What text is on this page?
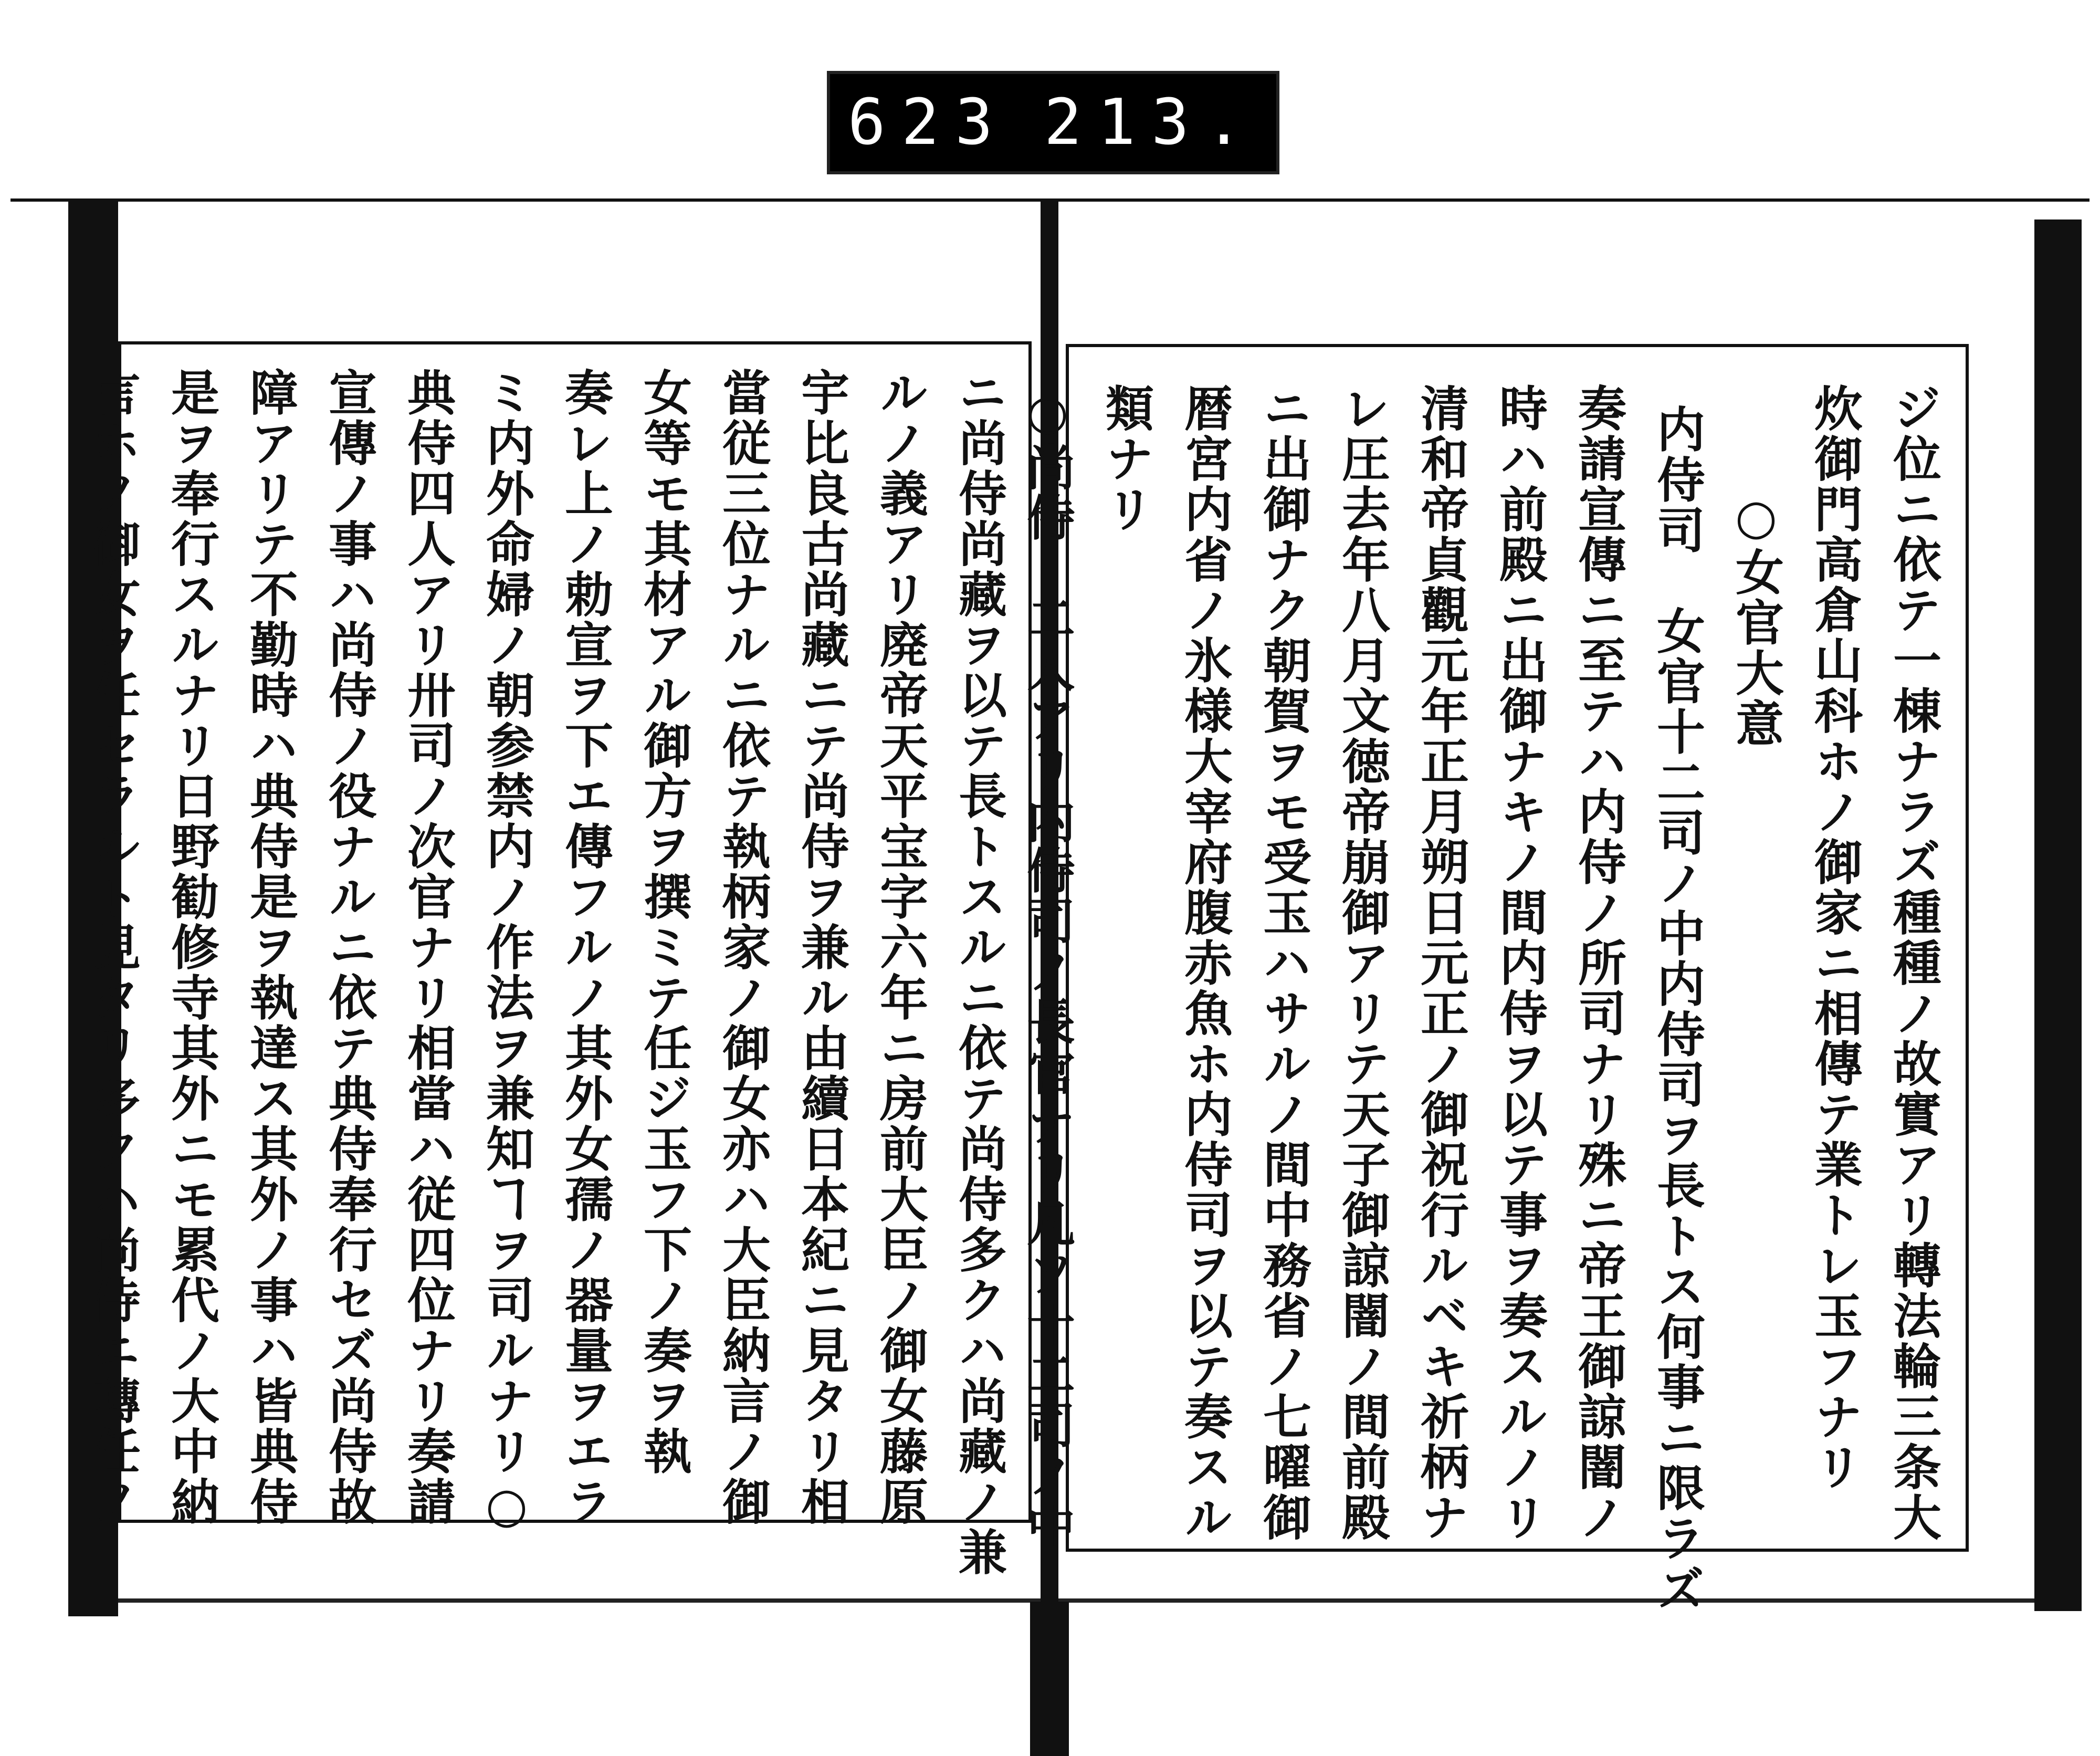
623 213.
ジ位ニ依テ一棟ナラズ種種ノ故實アリ轉法輪三条大
炊御門高倉山科ホノ御家ニ相傳テ業トレ玉フナリ
○女官大意
内侍司　女官十二司ノ中内侍司ヲ長トス何事ニ限ラズ
奏請宣傳ニ至テハ内侍ノ所司ナリ殊ニ帝王御諒闇ノ
時ハ前殿ニ出御ナキノ間内侍ヲ以テ事ヲ奏スルノリ
清和帝貞觀元年正月朔日元正ノ御祝行ルベキ祈柄ナ
レ圧去年八月文徳帝崩御アリテ天子御諒闇ノ間前殿
ニ出御ナク朝賀ヲモ受玉ハサルノ間中務省ノ七曜御
暦宮内省ノ氷様大宰府腹赤魚ホ内侍司ヲ以テ奏スル
類ナリ
○尚侍　二人アリ内侍司ノ長官ナリ凡ソ十二司ノ中
ニ尚侍尚藏ヲ以テ長トスルニ依テ尚侍多クハ尚藏ノ兼
ルノ義アリ廃帝天平宝字六年ニ房前大臣ノ御女藤原
宇比良古尚藏ニテ尚侍ヲ兼ル由續日本紀ニ見タリ相
當従三位ナルニ依テ執柄家ノ御女亦ハ大臣納言ノ御
女等モ其材アル御方ヲ撰ミテ任ジ玉フ下ノ奏ヲ執
奏レ上ノ勅宣ヲ下エ傳フルノ其外女孺ノ器量ヲエラ
ミ内外命婦ノ朝参禁内ノ作法ヲ兼知ヿヲ司ルナリ○
典侍四人アリ卅司ノ次官ナリ相當ハ従四位ナリ奏請
宣傳ノ事ハ尚侍ノ役ナルニ依テ典侍奉行セズ尚侍故
障アリテ不勤時ハ典侍是ヲ執達ス其外ノ事ハ皆典侍
是ヲ奉行スルナリ日野勧修寺其外ニモ累代ノ大中納
言ホノ御女ヲ任セラルト見タリ多クハ尚侍ニ轉任ノ
